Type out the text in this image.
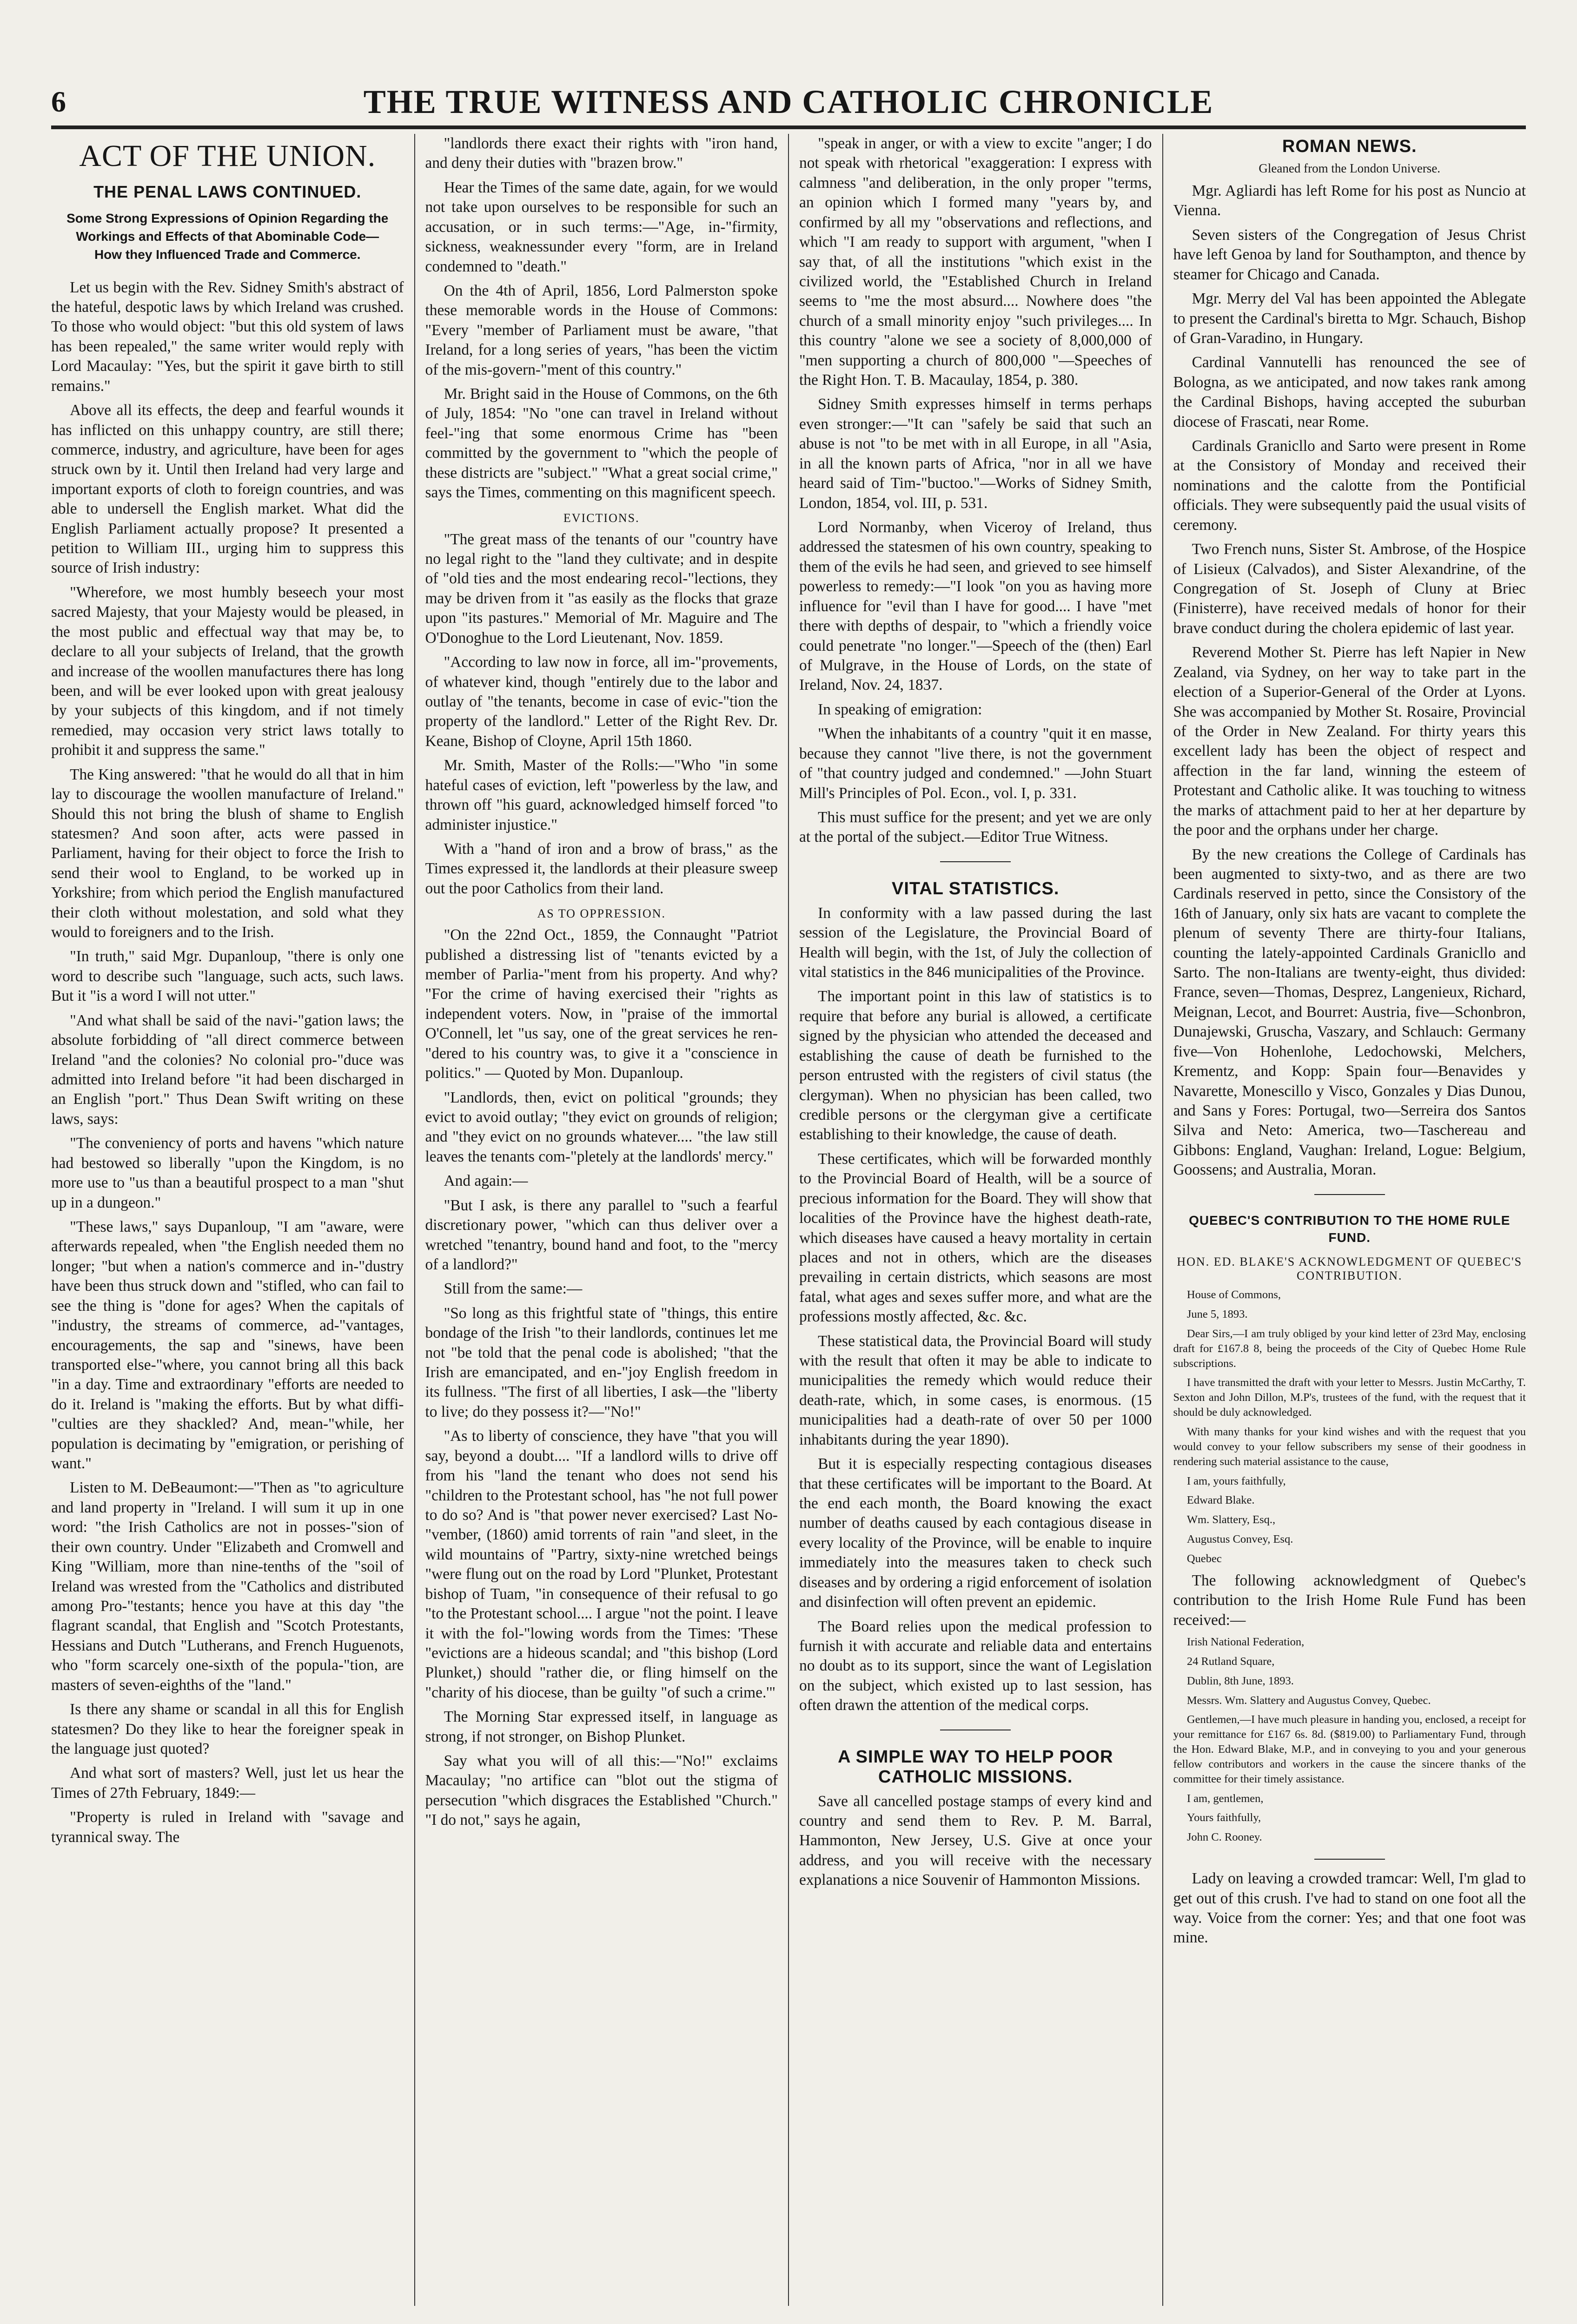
6	THE TRUE WITNESS AND CATHOLIC CHRONICLE
ACT OF THE UNION.
THE PENAL LAWS CONTINUED.
Some Strong Expressions of Opinion Regarding the Workings and Effects of that Abominable Code—How they Influenced Trade and Commerce.

Let us begin with the Rev. Sidney Smith's abstract of the hateful, despotic laws by which Ireland was crushed. To those who would object: "but this old system of laws has been repealed," the same writer would reply with Lord Macaulay: "Yes, but the spirit it gave birth to still remains."

Above all its effects, the deep and fearful wounds it has inflicted on this unhappy country, are still there; commerce, industry, and agriculture, have been for ages struck own by it. Until then Ireland had very large and important exports of cloth to foreign countries, and was able to undersell the English market. What did the English Parliament actually propose? It presented a petition to William III., urging him to suppress this source of Irish industry:

"Wherefore, we most humbly beseech your most sacred Majesty, that your Majesty would be pleased, in the most public and effectual way that may be, to declare to all your subjects of Ireland, that the growth and increase of the woollen manufactures there has long been, and will be ever looked upon with great jealousy by your subjects of this kingdom, and if not timely remedied, may occasion very strict laws totally to prohibit it and suppress the same."

The King answered: "that he would do all that in him lay to discourage the woollen manufacture of Ireland." Should this not bring the blush of shame to English statesmen? And soon after, acts were passed in Parliament, having for their object to force the Irish to send their wool to England, to be worked up in Yorkshire; from which period the English manufactured their cloth without molestation, and sold what they would to foreigners and to the Irish.

"In truth," said Mgr. Dupanloup, "there is only one word to describe such "language, such acts, such laws. But it "is a word I will not utter."

"And what shall be said of the navi-"gation laws; the absolute forbidding of "all direct commerce between Ireland "and the colonies? No colonial pro-"duce was admitted into Ireland before "it had been discharged in an English "port." Thus Dean Swift writing on these laws, says:

"The conveniency of ports and havens "which nature had bestowed so liberally "upon the Kingdom, is no more use to "us than a beautiful prospect to a man "shut up in a dungeon."

"These laws," says Dupanloup, "I am "aware, were afterwards repealed, when "the English needed them no longer; "but when a nation's commerce and in-"dustry have been thus struck down and "stifled, who can fail to see the thing is "done for ages? When the capitals of "industry, the streams of commerce, ad-"vantages, encouragements, the sap and "sinews, have been transported else-"where, you cannot bring all this back "in a day. Time and extraordinary "efforts are needed to do it. Ireland is "making the efforts. But by what diffi-"culties are they shackled? And, mean-"while, her population is decimating by "emigration, or perishing of want."

Listen to M. DeBeaumont:—"Then as "to agriculture and land property in "Ireland. I will sum it up in one word: "the Irish Catholics are not in posses-"sion of their own country. Under "Elizabeth and Cromwell and King "William, more than nine-tenths of the "soil of Ireland was wrested from the "Catholics and distributed among Pro-"testants; hence you have at this day "the flagrant scandal, that English and "Scotch Protestants, Hessians and Dutch "Lutherans, and French Huguenots, who "form scarcely one-sixth of the popula-"tion, are masters of seven-eighths of the "land."

Is there any shame or scandal in all this for English statesmen? Do they like to hear the foreigner speak in the language just quoted?

And what sort of masters? Well, just let us hear the Times of 27th February, 1849:—

"Property is ruled in Ireland with "savage and tyrannical sway. The

"landlords there exact their rights with "iron hand, and deny their duties with "brazen brow."

Hear the Times of the same date, again, for we would not take upon ourselves to be responsible for such an accusation, or in such terms:—"Age, in-"firmity, sickness, weaknessunder every "form, are in Ireland condemned to "death."

On the 4th of April, 1856, Lord Palmerston spoke these memorable words in the House of Commons: "Every "member of Parliament must be aware, "that Ireland, for a long series of years, "has been the victim of the mis-govern-"ment of this country."

Mr. Bright said in the House of Commons, on the 6th of July, 1854: "No "one can travel in Ireland without feel-"ing that some enormous Crime has "been committed by the government to "which the people of these districts are "subject." "What a great social crime," says the Times, commenting on this magnificent speech.

EVICTIONS.

"The great mass of the tenants of our "country have no legal right to the "land they cultivate; and in despite of "old ties and the most endearing recol-"lections, they may be driven from it "as easily as the flocks that graze upon "its pastures." Memorial of Mr. Maguire and The O'Donoghue to the Lord Lieutenant, Nov. 1859.

"According to law now in force, all im-"provements, of whatever kind, though "entirely due to the labor and outlay of "the tenants, become in case of evic-"tion the property of the landlord." Letter of the Right Rev. Dr. Keane, Bishop of Cloyne, April 15th 1860.

Mr. Smith, Master of the Rolls:—"Who "in some hateful cases of eviction, left "powerless by the law, and thrown off "his guard, acknowledged himself forced "to administer injustice."

With a "hand of iron and a brow of brass," as the Times expressed it, the landlords at their pleasure sweep out the poor Catholics from their land.

AS TO OPPRESSION.

"On the 22nd Oct., 1859, the Connaught "Patriot published a distressing list of "tenants evicted by a member of Parlia-"ment from his property. And why? "For the crime of having exercised their "rights as independent voters. Now, in "praise of the immortal O'Connell, let "us say, one of the great services he ren-"dered to his country was, to give it a "conscience in politics." — Quoted by Mon. Dupanloup.

"Landlords, then, evict on political "grounds; they evict to avoid outlay; "they evict on grounds of religion; and "they evict on no grounds whatever.... "the law still leaves the tenants com-"pletely at the landlords' mercy."

And again:—

"But I ask, is there any parallel to "such a fearful discretionary power, "which can thus deliver over a wretched "tenantry, bound hand and foot, to the "mercy of a landlord?"

Still from the same:—

"So long as this frightful state of "things, this entire bondage of the Irish "to their landlords, continues let me not "be told that the penal code is abolished; "that the Irish are emancipated, and en-"joy English freedom in its fullness. "The first of all liberties, I ask—the "liberty to live; do they possess it?—"No!"

"As to liberty of conscience, they have "that you will say, beyond a doubt.... "If a landlord wills to drive off from his "land the tenant who does not send his "children to the Protestant school, has "he not full power to do so? And is "that power never exercised? Last No-"vember, (1860) amid torrents of rain "and sleet, in the wild mountains of "Partry, sixty-nine wretched beings "were flung out on the road by Lord "Plunket, Protestant bishop of Tuam, "in consequence of their refusal to go "to the Protestant school.... I argue "not the point. I leave it with the fol-"lowing words from the Times: 'These "evictions are a hideous scandal; and "this bishop (Lord Plunket,) should "rather die, or fling himself on the "charity of his diocese, than be guilty "of such a crime.'"

The Morning Star expressed itself, in language as strong, if not stronger, on Bishop Plunket.

Say what you will of all this:—"No!" exclaims Macaulay; "no artifice can "blot out the stigma of persecution "which disgraces the Established "Church." "I do not," says he again,

"speak in anger, or with a view to excite "anger; I do not speak with rhetorical "exaggeration: I express with calmness "and deliberation, in the only proper "terms, an opinion which I formed many "years by, and confirmed by all my "observations and reflections, and which "I am ready to support with argument, "when I say that, of all the institutions "which exist in the civilized world, the "Established Church in Ireland seems to "me the most absurd.... Nowhere does "the church of a small minority enjoy "such privileges.... In this country "alone we see a society of 8,000,000 of "men supporting a church of 800,000 "—Speeches of the Right Hon. T. B. Macaulay, 1854, p. 380.

Sidney Smith expresses himself in terms perhaps even stronger:—"It can "safely be said that such an abuse is not "to be met with in all Europe, in all "Asia, in all the known parts of Africa, "nor in all we have heard said of Tim-"buctoo."—Works of Sidney Smith, London, 1854, vol. III, p. 531.

Lord Normanby, when Viceroy of Ireland, thus addressed the statesmen of his own country, speaking to them of the evils he had seen, and grieved to see himself powerless to remedy:—"I look "on you as having more influence for "evil than I have for good.... I have "met there with depths of despair, to "which a friendly voice could penetrate "no longer."—Speech of the (then) Earl of Mulgrave, in the House of Lords, on the state of Ireland, Nov. 24, 1837.

In speaking of emigration:

"When the inhabitants of a country "quit it en masse, because they cannot "live there, is not the government of "that country judged and condemned." —John Stuart Mill's Principles of Pol. Econ., vol. I, p. 331.

This must suffice for the present; and yet we are only at the portal of the subject.—Editor True Witness.

VITAL STATISTICS.

In conformity with a law passed during the last session of the Legislature, the Provincial Board of Health will begin, with the 1st, of July the collection of vital statistics in the 846 municipalities of the Province.

The important point in this law of statistics is to require that before any burial is allowed, a certificate signed by the physician who attended the deceased and establishing the cause of death be furnished to the person entrusted with the registers of civil status (the clergyman). When no physician has been called, two credible persons or the clergyman give a certificate establishing to their knowledge, the cause of death.

These certificates, which will be forwarded monthly to the Provincial Board of Health, will be a source of precious information for the Board. They will show that localities of the Province have the highest death-rate, which diseases have caused a heavy mortality in certain places and not in others, which are the diseases prevailing in certain districts, which seasons are most fatal, what ages and sexes suffer more, and what are the professions mostly affected, &c. &c.

These statistical data, the Provincial Board will study with the result that often it may be able to indicate to municipalities the remedy which would reduce their death-rate, which, in some cases, is enormous. (15 municipalities had a death-rate of over 50 per 1000 inhabitants during the year 1890).

But it is especially respecting contagious diseases that these certificates will be important to the Board. At the end each month, the Board knowing the exact number of deaths caused by each contagious disease in every locality of the Province, will be enable to inquire immediately into the measures taken to check such diseases and by ordering a rigid enforcement of isolation and disinfection will often prevent an epidemic.

The Board relies upon the medical profession to furnish it with accurate and reliable data and entertains no doubt as to its support, since the want of Legislation on the subject, which existed up to last session, has often drawn the attention of the medical corps.

A SIMPLE WAY TO HELP POOR CATHOLIC MISSIONS.

Save all cancelled postage stamps of every kind and country and send them to Rev. P. M. Barral, Hammonton, New Jersey, U.S. Give at once your address, and you will receive with the necessary explanations a nice Souvenir of Hammonton Missions.

ROMAN NEWS.
Gleaned from the London Universe.

Mgr. Agliardi has left Rome for his post as Nuncio at Vienna.

Seven sisters of the Congregation of Jesus Christ have left Genoa by land for Southampton, and thence by steamer for Chicago and Canada.

Mgr. Merry del Val has been appointed the Ablegate to present the Cardinal's biretta to Mgr. Schauch, Bishop of Gran-Varadino, in Hungary.

Cardinal Vannutelli has renounced the see of Bologna, as we anticipated, and now takes rank among the Cardinal Bishops, having accepted the suburban diocese of Frascati, near Rome.

Cardinals Granicllo and Sarto were present in Rome at the Consistory of Monday and received their nominations and the calotte from the Pontificial officials. They were subsequently paid the usual visits of ceremony.

Two French nuns, Sister St. Ambrose, of the Hospice of Lisieux (Calvados), and Sister Alexandrine, of the Congregation of St. Joseph of Cluny at Briec (Finisterre), have received medals of honor for their brave conduct during the cholera epidemic of last year.

Reverend Mother St. Pierre has left Napier in New Zealand, via Sydney, on her way to take part in the election of a Superior-General of the Order at Lyons. She was accompanied by Mother St. Rosaire, Provincial of the Order in New Zealand. For thirty years this excellent lady has been the object of respect and affection in the far land, winning the esteem of Protestant and Catholic alike. It was touching to witness the marks of attachment paid to her at her departure by the poor and the orphans under her charge.

By the new creations the College of Cardinals has been augmented to sixty-two, and as there are two Cardinals reserved in petto, since the Consistory of the 16th of January, only six hats are vacant to complete the plenum of seventy There are thirty-four Italians, counting the lately-appointed Cardinals Granicllo and Sarto. The non-Italians are twenty-eight, thus divided: France, seven—Thomas, Desprez, Langenieux, Richard, Meignan, Lecot, and Bourret: Austria, five—Schonbron, Dunajewski, Gruscha, Vaszary, and Schlauch: Germany five—Von Hohenlohe, Ledochowski, Melchers, Krementz, and Kopp: Spain four—Benavides y Navarette, Monescillo y Visco, Gonzales y Dias Dunou, and Sans y Fores: Portugal, two—Serreira dos Santos Silva and Neto: America, two—Taschereau and Gibbons: England, Vaughan: Ireland, Logue: Belgium, Goossens; and Australia, Moran.

QUEBEC'S CONTRIBUTION TO THE HOME RULE FUND.
HON. ED. BLAKE'S ACKNOWLEDGMENT OF QUEBEC'S CONTRIBUTION.

House of Commons,

June 5, 1893.

Dear Sirs,—I am truly obliged by your kind letter of 23rd May, enclosing draft for £167.8 8, being the proceeds of the City of Quebec Home Rule subscriptions.

I have transmitted the draft with your letter to Messrs. Justin McCarthy, T. Sexton and John Dillon, M.P's, trustees of the fund, with the request that it should be duly acknowledged.

With many thanks for your kind wishes and with the request that you would convey to your fellow subscribers my sense of their goodness in rendering such material assistance to the cause,

I am, yours faithfully,

Edward Blake.

Wm. Slattery, Esq.,

Augustus Convey, Esq.

Quebec

The following acknowledgment of Quebec's contribution to the Irish Home Rule Fund has been received:—

Irish National Federation,

24 Rutland Square,

Dublin, 8th June, 1893.

Messrs. Wm. Slattery and Augustus Convey, Quebec.

Gentlemen,—I have much pleasure in handing you, enclosed, a receipt for your remittance for £167 6s. 8d. ($819.00) to Parliamentary Fund, through the Hon. Edward Blake, M.P., and in conveying to you and your generous fellow contributors and workers in the cause the sincere thanks of the committee for their timely assistance.

I am, gentlemen,

Yours faithfully,

John C. Rooney.

Lady on leaving a crowded tramcar: Well, I'm glad to get out of this crush. I've had to stand on one foot all the way. Voice from the corner: Yes; and that one foot was mine.
